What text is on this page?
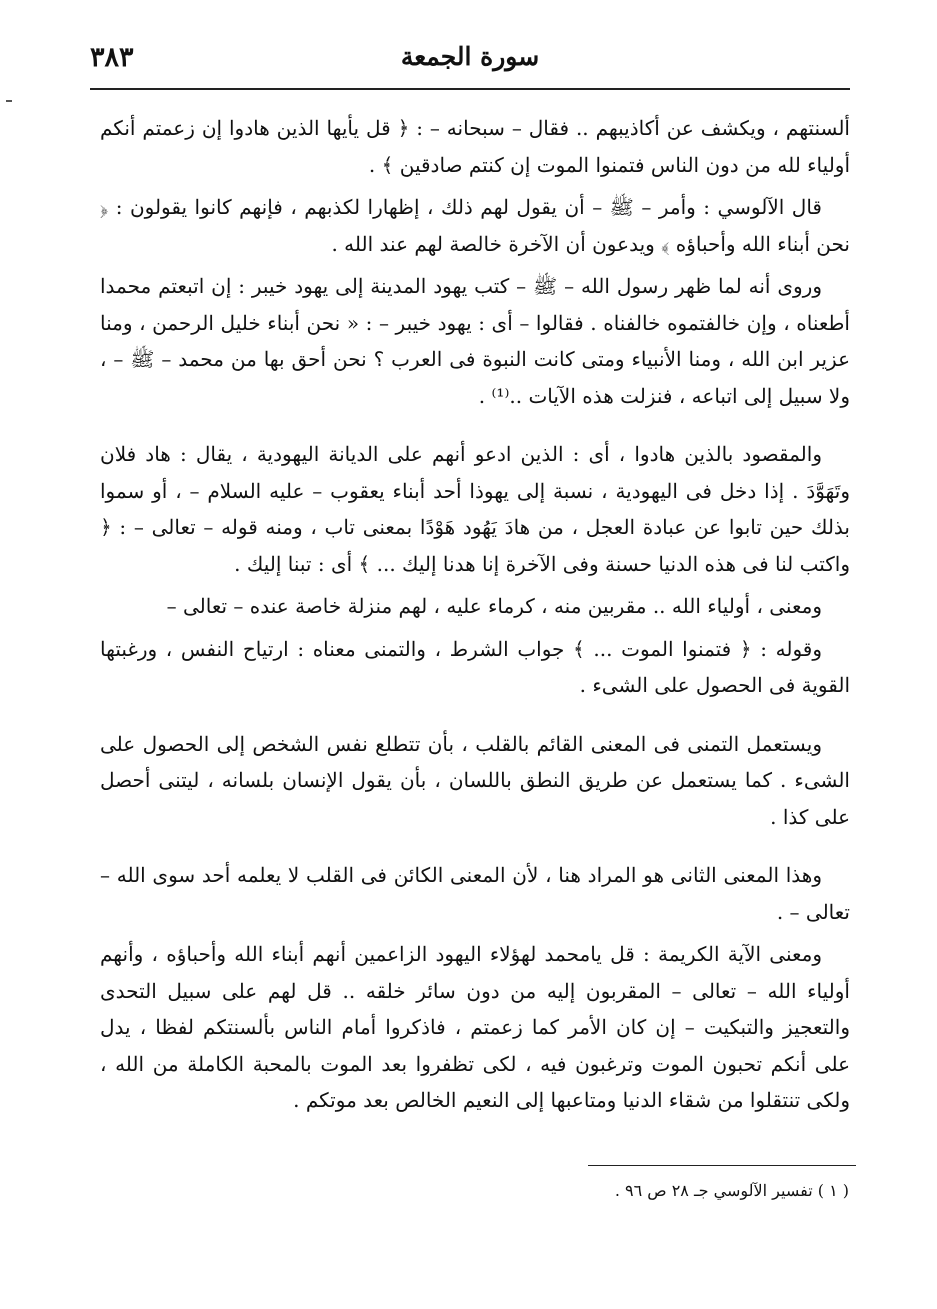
٣٨٣	سورة الجمعة

ألسنتهم ، ويكشف عن أكاذيبهم .. فقال – سبحانه – : ﴿ قل يأيها الذين هادوا إن زعمتم أنكم أولياء لله من دون الناس فتمنوا الموت إن كنتم صادقين ﴾ .

قال الآلوسي : وأمر – ﷺ – أن يقول لهم ذلك ، إظهارا لكذبهم ، فإنهم كانوا يقولون : ﴿ نحن أبناء الله وأحباؤه ﴾ ويدعون أن الآخرة خالصة لهم عند الله .

وروى أنه لما ظهر رسول الله – ﷺ – كتب يهود المدينة إلى يهود خيبر : إن اتبعتم محمدا أطعناه ، وإن خالفتموه خالفناه . فقالوا – أى : يهود خيبر – : « نحن أبناء خليل الرحمن ، ومنا عزير ابن الله ، ومنا الأنبياء ومتى كانت النبوة فى العرب ؟ نحن أحق بها من محمد – ﷺ – ، ولا سبيل إلى اتباعه ، فنزلت هذه الآيات ..⁽¹⁾ .

والمقصود بالذين هادوا ، أى : الذين ادعو أنهم على الديانة اليهودية ، يقال : هاد فلان وتَهَوَّدَ . إذا دخل فى اليهودية ، نسبة إلى يهوذا أحد أبناء يعقوب – عليه السلام – ، أو سموا بذلك حين تابوا عن عبادة العجل ، من هادَ يَهُود هَوْدًا بمعنى تاب ، ومنه قوله – تعالى – : ﴿ واكتب لنا فى هذه الدنيا حسنة وفى الآخرة إنا هدنا إليك ... ﴾ أى : تبنا إليك .

ومعنى ، أولياء الله .. مقربين منه ، كرماء عليه ، لهم منزلة خاصة عنده – تعالى –

وقوله : ﴿ فتمنوا الموت ... ﴾ جواب الشرط ، والتمنى معناه : ارتياح النفس ، ورغبتها القوية فى الحصول على الشىء .

ويستعمل التمنى فى المعنى القائم بالقلب ، بأن تتطلع نفس الشخص إلى الحصول على الشىء . كما يستعمل عن طريق النطق باللسان ، بأن يقول الإنسان بلسانه ، ليتنى أحصل على كذا .

وهذا المعنى الثانى هو المراد هنا ، لأن المعنى الكائن فى القلب لا يعلمه أحد سوى الله – تعالى – .

ومعنى الآية الكريمة : قل يامحمد لهؤلاء اليهود الزاعمين أنهم أبناء الله وأحباؤه ، وأنهم أولياء الله – تعالى – المقربون إليه من دون سائر خلقه .. قل لهم على سبيل التحدى والتعجيز والتبكيت – إن كان الأمر كما زعمتم ، فاذكروا أمام الناس بألسنتكم لفظا ، يدل على أنكم تحبون الموت وترغبون فيه ، لكى تظفروا بعد الموت بالمحبة الكاملة من الله ، ولكى تنتقلوا من شقاء الدنيا ومتاعبها إلى النعيم الخالص بعد موتكم .

( ١ ) تفسير الآلوسي جـ ٢٨ ص ٩٦ .
